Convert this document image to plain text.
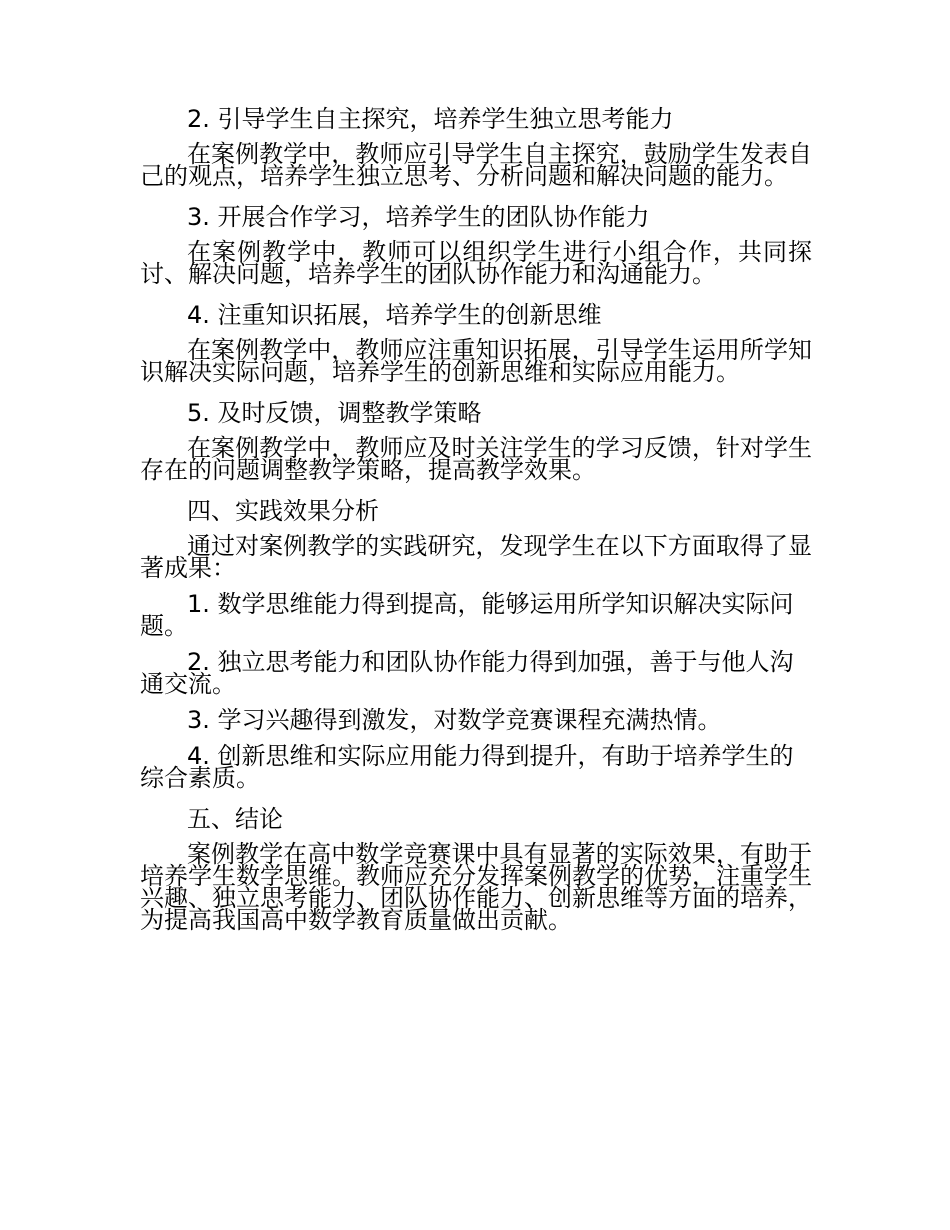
2. 引导学生自主探究，培养学生独立思考能力

在案例教学中，教师应引导学生自主探究，鼓励学生发表自己的观点，培养学生独立思考、分析问题和解决问题的能力。

3. 开展合作学习，培养学生的团队协作能力

在案例教学中，教师可以组织学生进行小组合作，共同探讨、解决问题，培养学生的团队协作能力和沟通能力。

4. 注重知识拓展，培养学生的创新思维

在案例教学中，教师应注重知识拓展，引导学生运用所学知识解决实际问题，培养学生的创新思维和实际应用能力。

5. 及时反馈，调整教学策略

在案例教学中，教师应及时关注学生的学习反馈，针对学生存在的问题调整教学策略，提高教学效果。

四、实践效果分析

通过对案例教学的实践研究，发现学生在以下方面取得了显著成果：

1. 数学思维能力得到提高，能够运用所学知识解决实际问题。

2. 独立思考能力和团队协作能力得到加强，善于与他人沟通交流。

3. 学习兴趣得到激发，对数学竞赛课程充满热情。

4. 创新思维和实际应用能力得到提升，有助于培养学生的综合素质。

五、结论

案例教学在高中数学竞赛课中具有显著的实际效果，有助于培养学生数学思维。教师应充分发挥案例教学的优势，注重学生兴趣、独立思考能力、团队协作能力、创新思维等方面的培养，为提高我国高中数学教育质量做出贡献。
